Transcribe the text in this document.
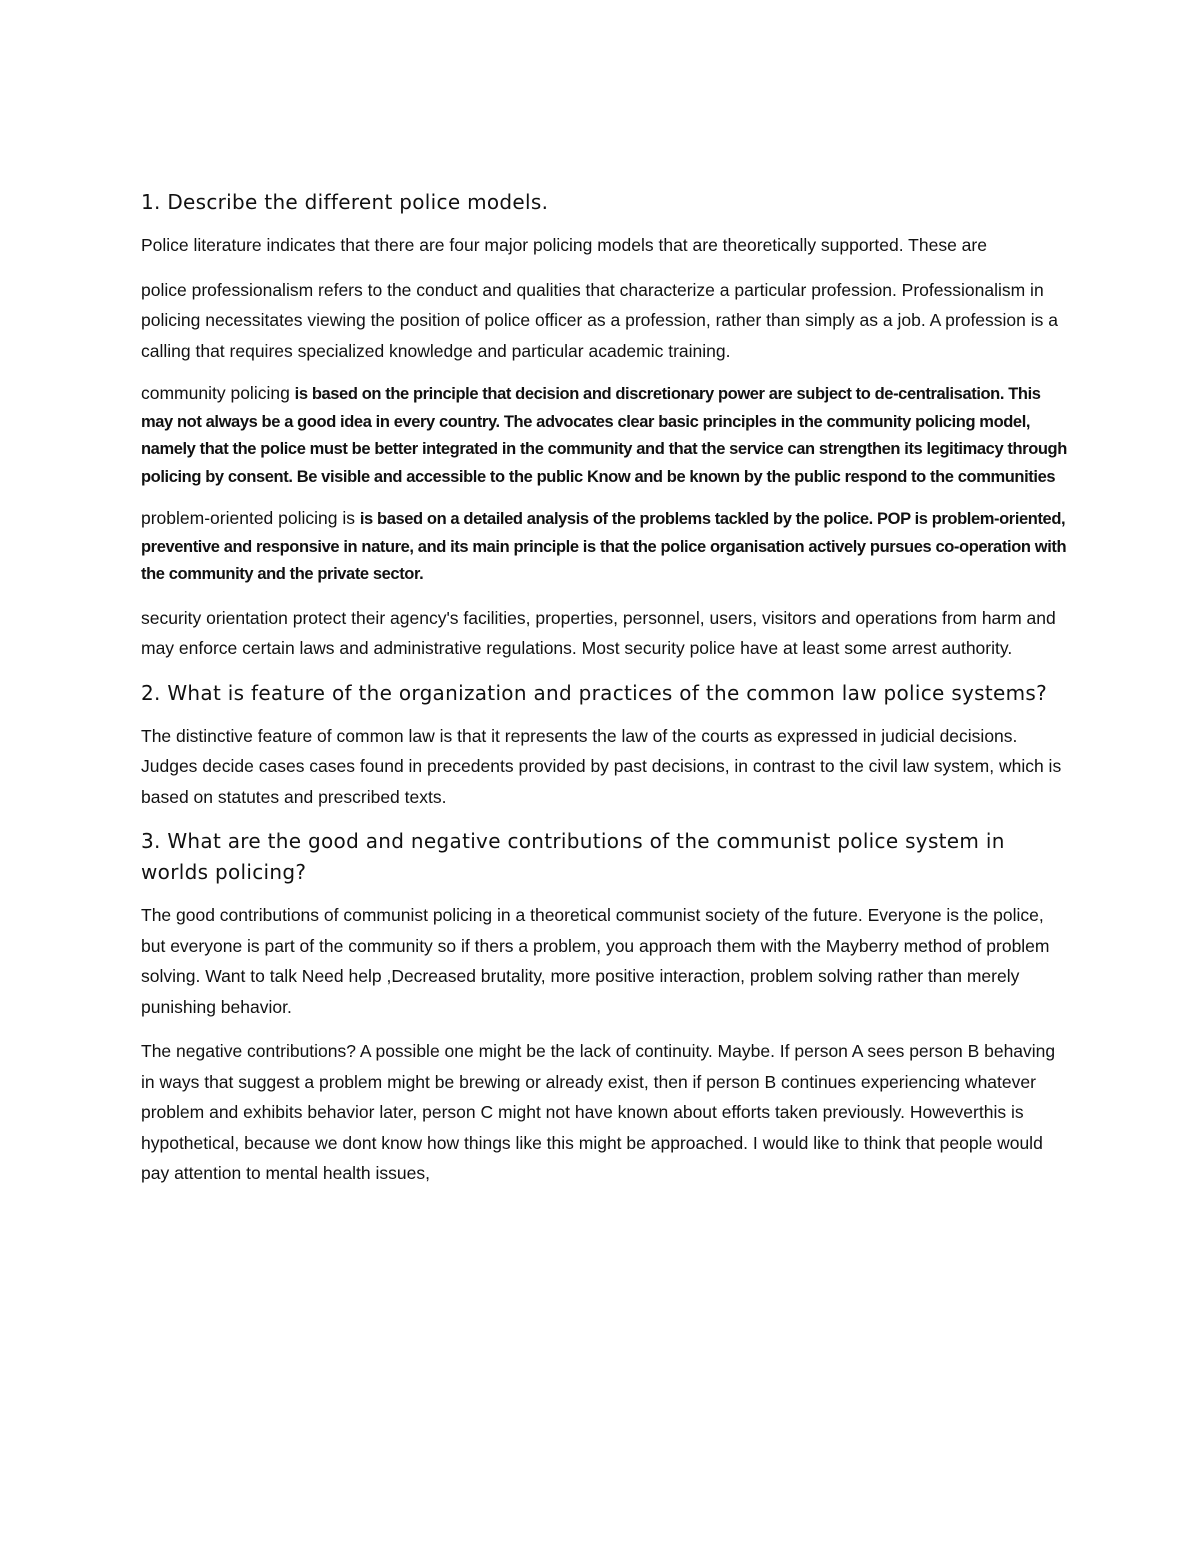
1. Describe the different police models.

Police literature indicates that there are four major policing models that are theoretically supported. These are

police professionalism refers to the conduct and qualities that characterize a particular profession. Professionalism in policing necessitates viewing the position of police officer as a profession, rather than simply as a job. A profession is a calling that requires specialized knowledge and particular academic training.

community policing is based on the principle that decision and discretionary power are subject to de-centralisation. This may not always be a good idea in every country. The advocates clear basic principles in the community policing model, namely that the police must be better integrated in the community and that the service can strengthen its legitimacy through policing by consent. Be visible and accessible to the public Know and be known by the public respond to the communities

problem-oriented policing is is based on a detailed analysis of the problems tackled by the police. POP is problem-oriented, preventive and responsive in nature, and its main principle is that the police organisation actively pursues co-operation with the community and the private sector.

security orientation protect their agency's facilities, properties, personnel, users, visitors and operations from harm and may enforce certain laws and administrative regulations. Most security police have at least some arrest authority.

2. What is feature of the organization and practices of the common law police systems?

The distinctive feature of common law is that it represents the law of the courts as expressed in judicial decisions. Judges decide cases cases found in precedents provided by past decisions, in contrast to the civil law system, which is based on statutes and prescribed texts.

3. What are the good and negative contributions of the communist police system in worlds policing?

The good contributions of communist policing in a theoretical communist society of the future. Everyone is the police, but everyone is part of the community so if thers a problem, you approach them with the Mayberry method of problem solving. Want to talk Need help ,Decreased brutality, more positive interaction, problem solving rather than merely punishing behavior.

The negative contributions? A possible one might be the lack of continuity. Maybe. If person A sees person B behaving in ways that suggest a problem might be brewing or already exist, then if person B continues experiencing whatever problem and exhibits behavior later, person C might not have known about efforts taken previously. Howeverthis is hypothetical, because we dont know how things like this might be approached. I would like to think that people would pay attention to mental health issues,
